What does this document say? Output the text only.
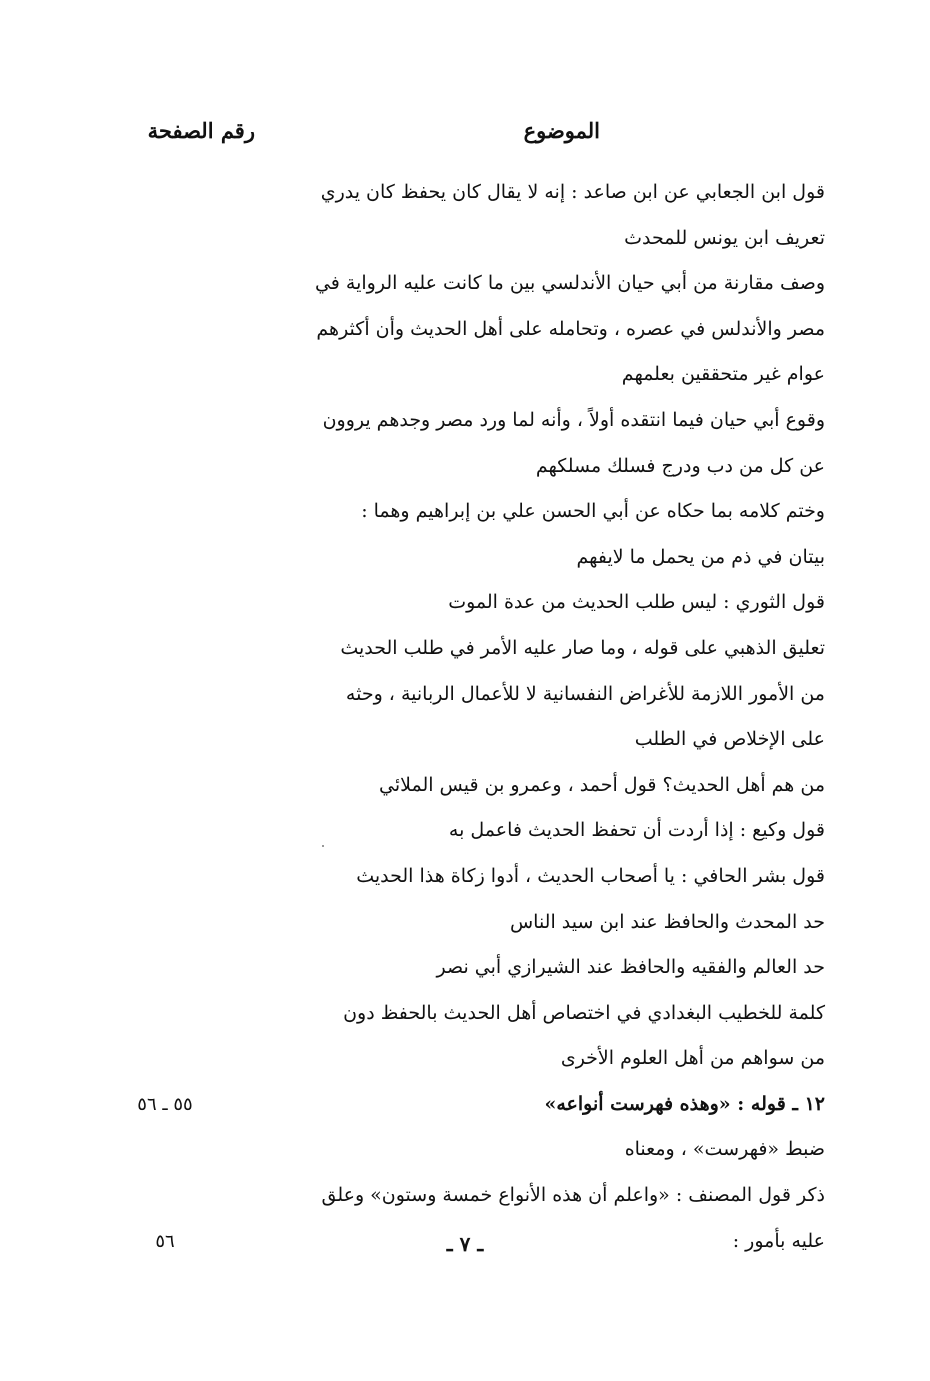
الموضوع
رقم الصفحة
قول ابن الجعابي عن ابن صاعد : إنه لا يقال كان يحفظ كان يدري
تعريف ابن يونس للمحدث
وصف مقارنة من أبي حيان الأندلسي بين ما كانت عليه الرواية في
مصر والأندلس في عصره ، وتحامله على أهل الحديث وأن أكثرهم
عوام غير متحققين بعلمهم
وقوع أبي حيان فيما انتقده أولاً ، وأنه لما ورد مصر وجدهم يروون
عن كل من دب ودرج فسلك مسلكهم
وختم كلامه بما حكاه عن أبي الحسن علي بن إبراهيم وهما :
بيتان في ذم من يحمل ما لايفهم
قول الثوري : ليس طلب الحديث من عدة الموت
تعليق الذهبي على قوله ، وما صار عليه الأمر في طلب الحديث
من الأمور اللازمة للأغراض النفسانية لا للأعمال الربانية ، وحثه
على الإخلاص في الطلب
من هم أهل الحديث؟ قول أحمد ، وعمرو بن قيس الملائي
قول وكيع : إذا أردت أن تحفظ الحديث فاعمل به
قول بشر الحافي : يا أصحاب الحديث ، أدوا زكاة هذا الحديث
حد المحدث والحافظ عند ابن سيد الناس
حد العالم والفقيه والحافظ عند الشيرازي أبي نصر
كلمة للخطيب البغدادي في اختصاص أهل الحديث بالحفظ دون
من سواهم من أهل العلوم الأخرى
١٢ ـ قوله : «وهذه فهرست أنواعه»
٥٥ ـ ٥٦
ضبط «فهرست» ، ومعناه
ذكر قول المصنف : «واعلم أن هذه الأنواع خمسة وستون» وعلق
عليه بأمور :
٥٦	ـ ٧ ـ
